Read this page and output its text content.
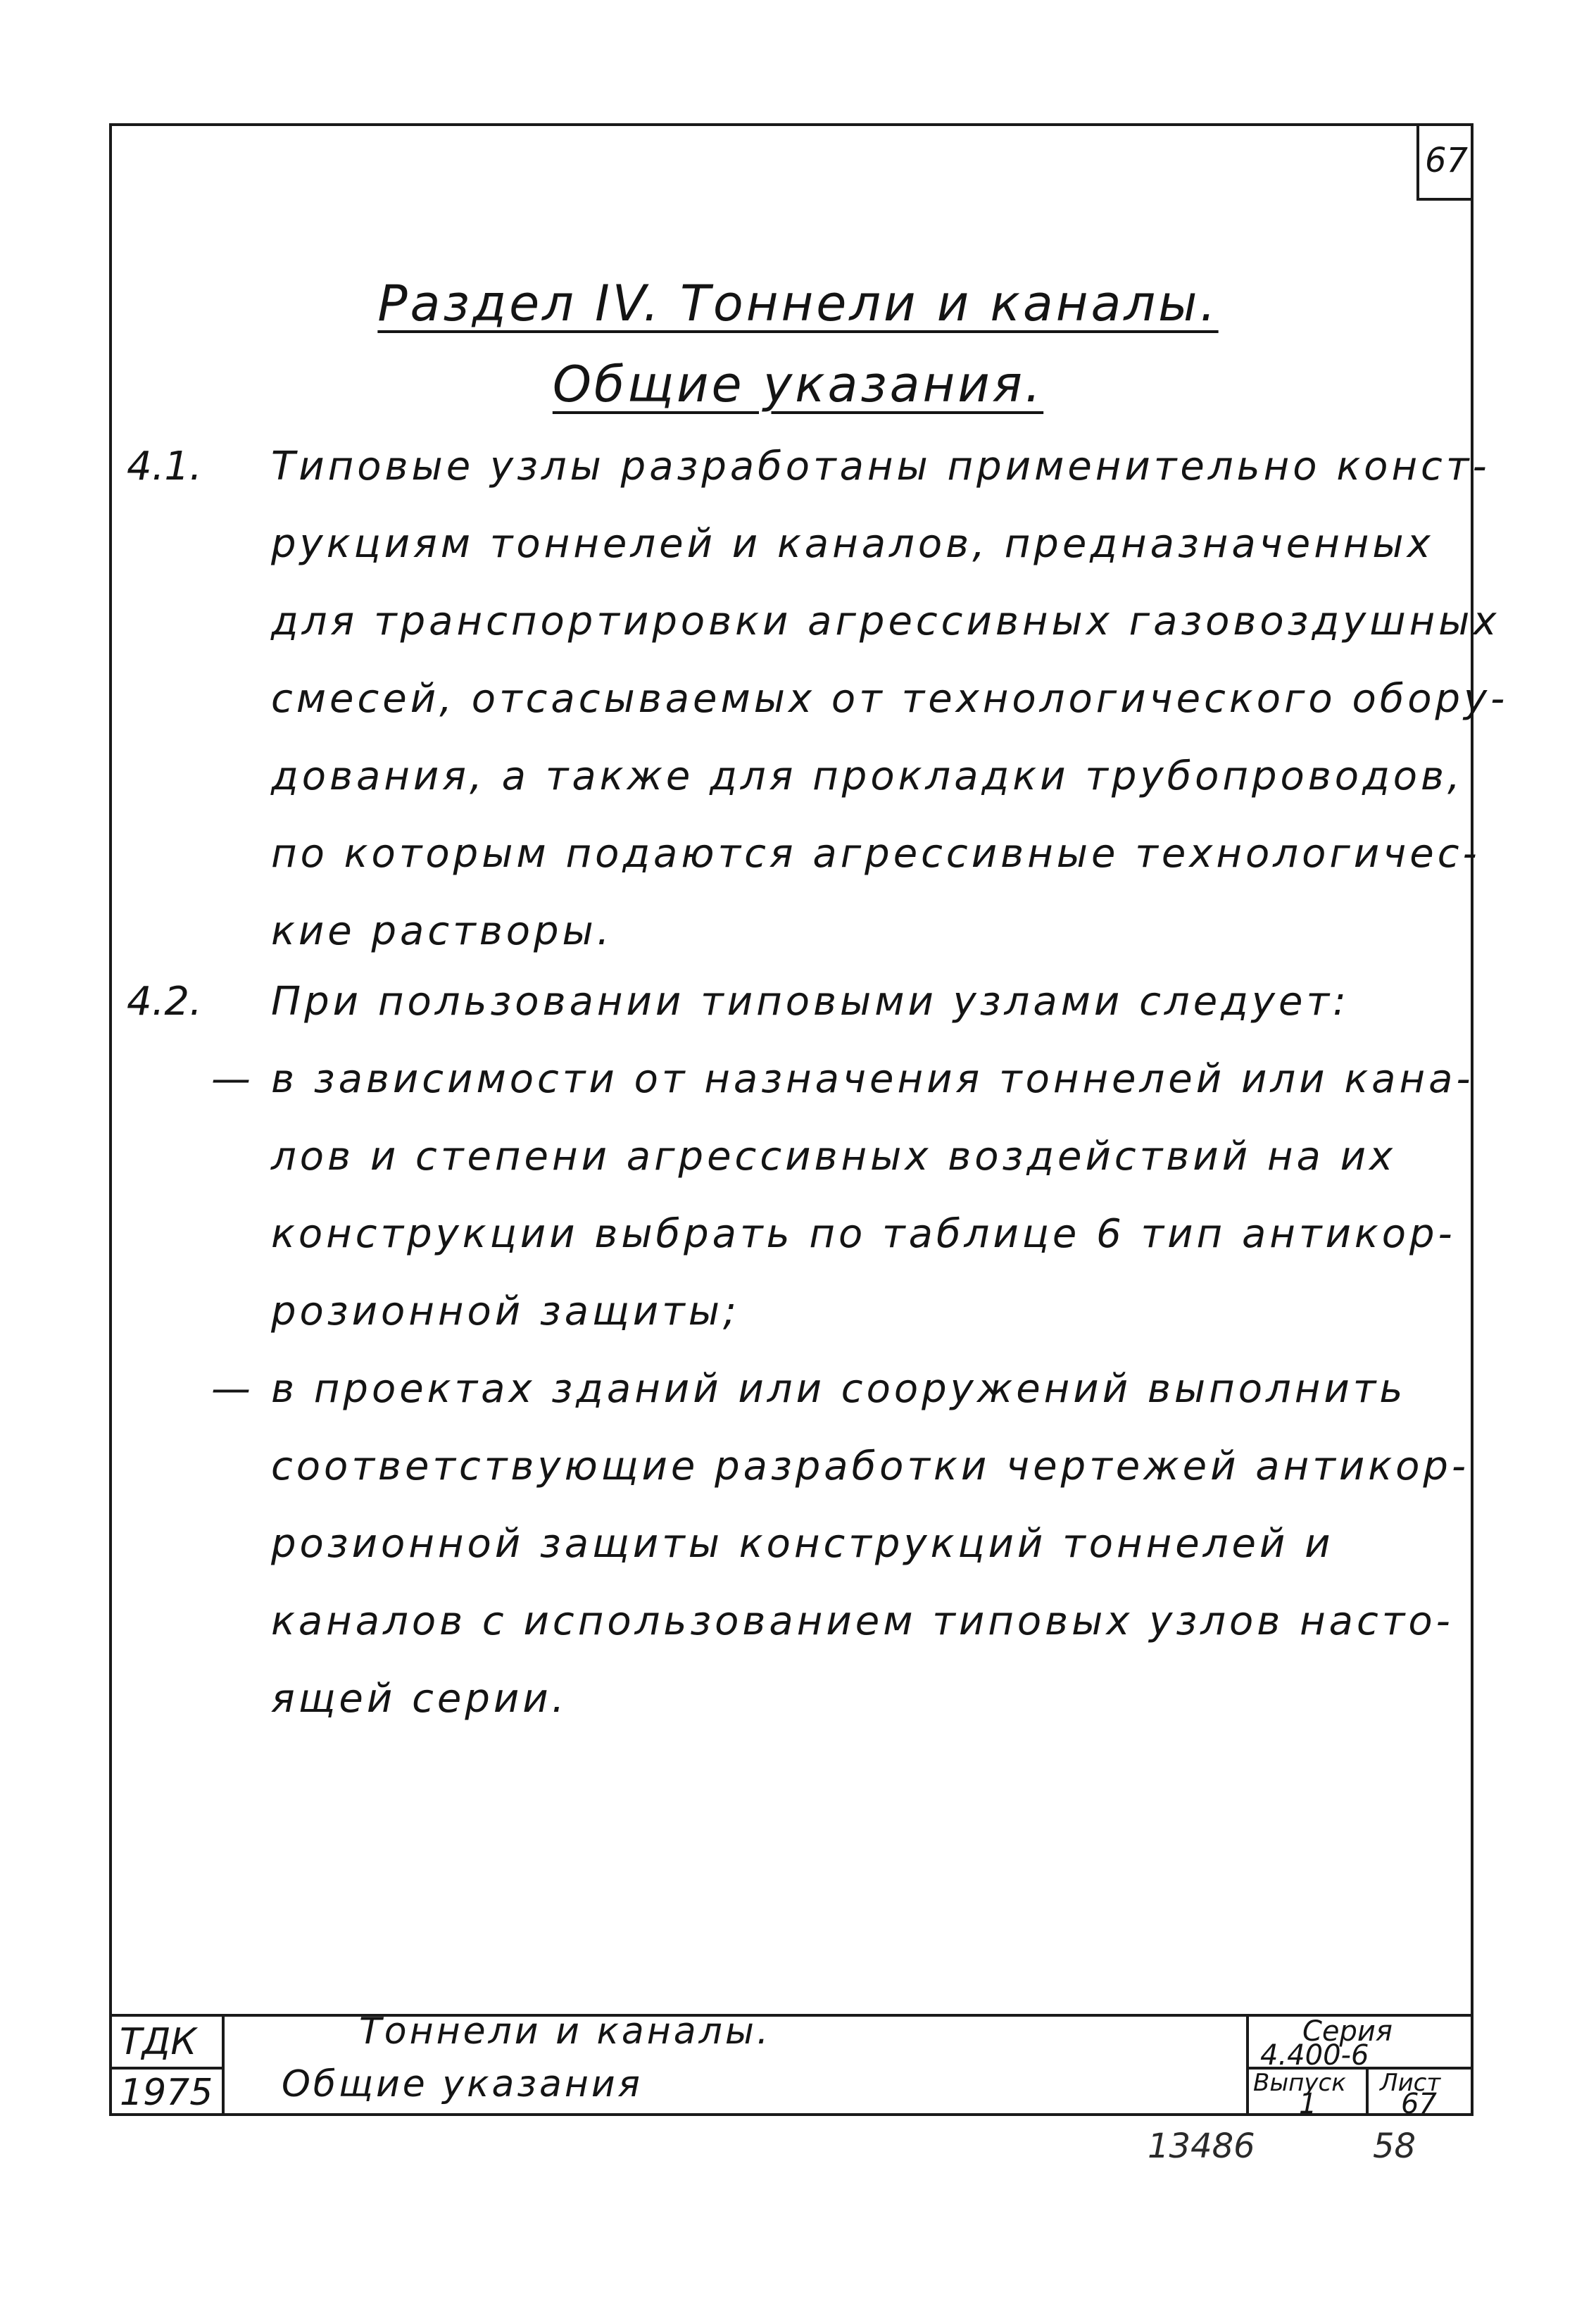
67
Раздел IV. Тоннели и каналы.
Общие указания.
4.1. Типовые узлы разработаны применительно конст-
рукциям тоннелей и каналов, предназначенных
для транспортировки агрессивных газовоздушных
смесей, отсасываемых от технологического обору-
дования, а также для прокладки трубопроводов,
по которым подаются агрессивные технологичес-
кие растворы.
4.2. При пользовании типовыми узлами следует:
— в зависимости от назначения тоннелей или кана-
лов и степени агрессивных воздействий на их
конструкции выбрать по таблице 6 тип антикор-
розионной защиты;
— в проектах зданий или сооружений выполнить
соответствующие разработки чертежей антикор-
розионной защиты конструкций тоннелей и
каналов с использованием типовых узлов насто-
ящей серии.
ТДК
1975
Тоннели и каналы.
Общие указания
Серия
4.400-6
Выпуск
1
Лист
67
13486	58
